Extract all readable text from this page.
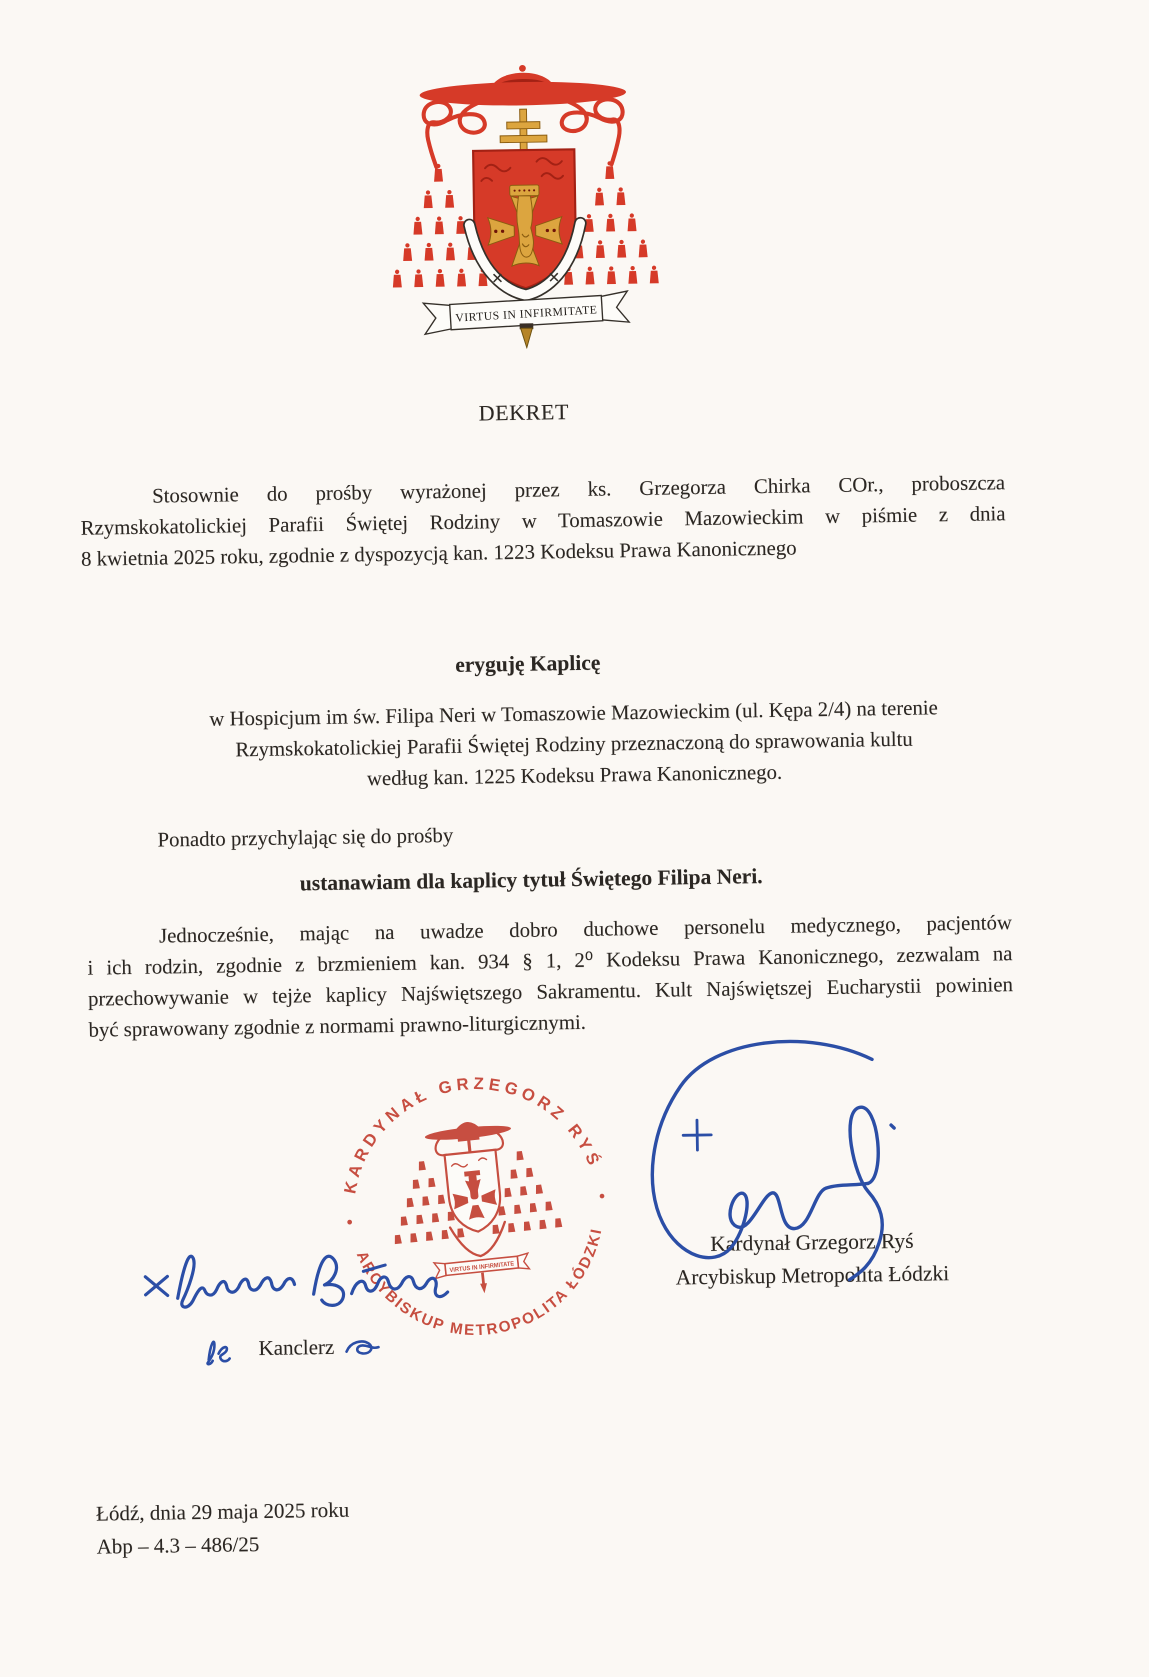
VIRTUS IN INFIRMITATE
DEKRET
Stosownie do prośby wyrażonej przez ks. Grzegorza Chirka COr., proboszcza
Rzymskokatolickiej Parafii Świętej Rodziny w Tomaszowie Mazowieckim w piśmie z dnia
8 kwietnia 2025 roku, zgodnie z dyspozycją kan. 1223 Kodeksu Prawa Kanonicznego
eryguję Kaplicę
w Hospicjum im św. Filipa Neri w Tomaszowie Mazowieckim (ul. Kępa 2/4) na terenie
Rzymskokatolickiej Parafii Świętej Rodziny przeznaczoną do sprawowania kultu
według kan. 1225 Kodeksu Prawa Kanonicznego.
Ponadto przychylając się do prośby
ustanawiam dla kaplicy tytuł Świętego Filipa Neri.
Jednocześnie, mając na uwadze dobro duchowe personelu medycznego, pacjentów
i ich rodzin, zgodnie z brzmieniem kan. 934 § 1, 2⁰ Kodeksu Prawa Kanonicznego, zezwalam na
przechowywanie w tejże kaplicy Najświętszego Sakramentu. Kult Najświętszej Eucharystii powinien
być sprawowany zgodnie z normami prawno-liturgicznymi.
KARDYNAŁ GRZEGORZ RYŚ
ARCYBISKUP METROPOLITA ŁÓDZKI
VIRTUS IN INFIRMITATE
Kardynał Grzegorz Ryś
Arcybiskup Metropolita Łódzki
Kanclerz
Łódź, dnia 29 maja 2025 roku
Abp – 4.3 – 486/25
